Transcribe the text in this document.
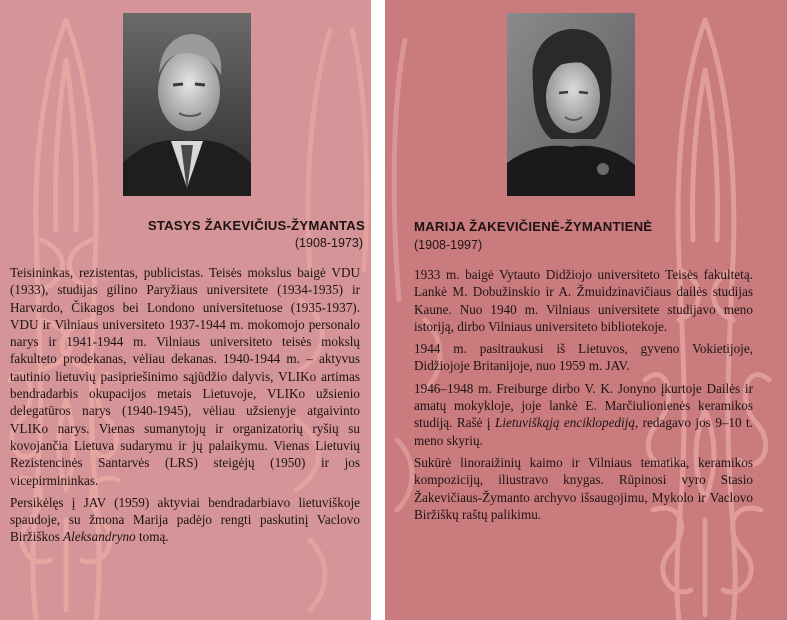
STASYS ŽAKEVIČIUS-ŽYMANTAS
(1908-1973)

Teisininkas, rezistentas, publicistas. Teisės mokslus baigė VDU (1933), studijas gilino Paryžiaus universitete (1934-1935) ir Harvardo, Čikagos bei Londono universitetuose (1935-1937). VDU ir Vilniaus universiteto 1937-1944 m. mokomojo personalo narys ir 1941-1944 m. Vilniaus universiteto teisės mokslų fakulteto prodekanas, vėliau dekanas. 1940-1944 m. – aktyvus tautinio lietuvių pasipriešinimo sąjūdžio dalyvis, VLIKo artimas bendradarbis okupacijos metais Lietuvoje, VLIKo užsienio delegatūros narys (1940-1945), vėliau užsienyje atgaivinto VLIKo narys. Vienas sumanytojų ir organizatorių ryšių su kovojančia Lietuva sudarymu ir jų palaikymu. Vienas Lietuvių Rezistencinės Santarvės (LRS) steigėjų (1950) ir jos vicepirmininkas.

Persikėlęs į JAV (1959) aktyviai bendradarbiavo lietuviškoje spaudoje, su žmona Marija padėjo rengti paskutinį Vaclovo Biržiškos Aleksandryno tomą.

MARIJA ŽAKEVIČIENĖ-ŽYMANTIENĖ
(1908-1997)

1933 m. baigė Vytauto Didžiojo universiteto Teisės fakultetą. Lankė M. Dobužinskio ir A. Žmuidzinavičiaus dailės studijas Kaune. Nuo 1940 m. Vilniaus universitete studijavo meno istoriją, dirbo Vilniaus universiteto bibliotekoje.

1944 m. pasitraukusi iš Lietuvos, gyveno Vokietijoje, Didžiojoje Britanijoje, nuo 1959 m. JAV.

1946–1948 m. Freiburge dirbo V. K. Jonyno įkurtoje Dailės ir amatų mokykloje, joje lankė E. Marčiulionienės keramikos studiją. Rašė į Lietuviškąją enciklopediją, redagavo jos 9–10 t. meno skyrių.

Sukūrė linoraižinių kaimo ir Vilniaus tematika, keramikos kompozicijų, iliustravo knygas. Rūpinosi vyro Stasio Žakevičiaus-Žymanto archyvo išsaugojimu, Mykolo ir Vaclovo Biržiškų raštų palikimu.
